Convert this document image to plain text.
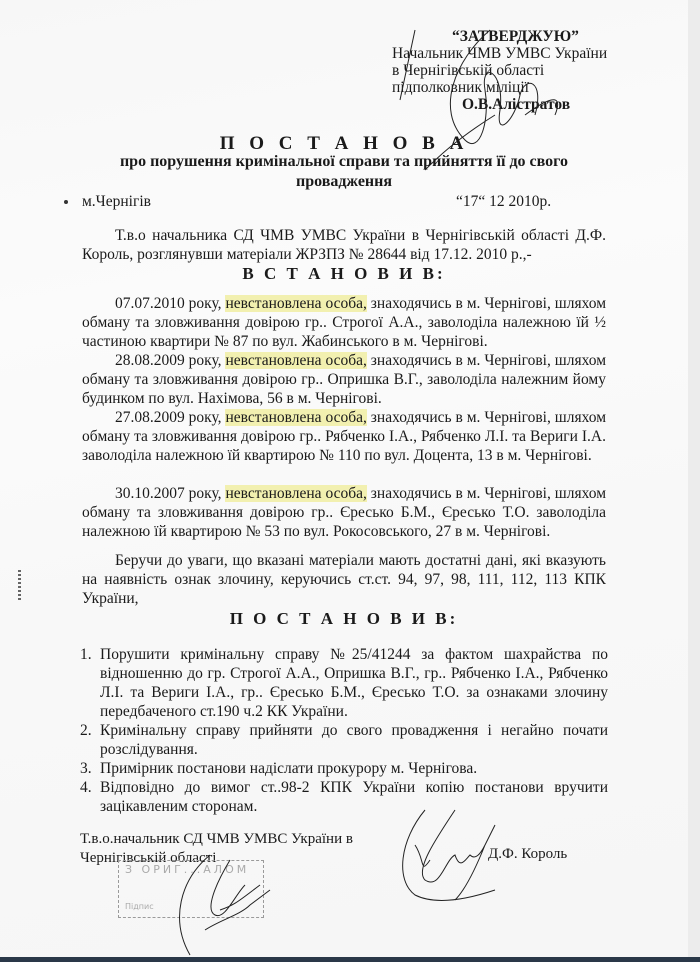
“ЗАТВЕРДЖУЮ”
Начальник ЧМВ УМВС України
в Чернігівській області
підполковник міліції
О.В.Алістратов
П О С Т А Н О В А
про порушення кримінальної справи та прийняття її до свого
провадження
м.Чернігів	“17“ 12 2010р.
Т.в.о начальника СД ЧМВ УМВС України в Чернігівській області Д.Ф. Король, розглянувши матеріали ЖРЗПЗ № 28644 від 17.12. 2010 р.,-
В С Т А Н О В И В:
07.07.2010 року, невстановлена особа, знаходячись в м. Чернігові, шляхом обману та зловживання довірою гр.. Строгої А.А., заволоділа належною їй ½ частиною квартири № 87 по вул. Жабинського в м. Чернігові.
28.08.2009 року, невстановлена особа, знаходячись в м. Чернігові, шляхом обману та зловживання довірою гр.. Опришка В.Г., заволоділа належним йому будинком по вул. Нахімова, 56 в м. Чернігові.
27.08.2009 року, невстановлена особа, знаходячись в м. Чернігові, шляхом обману та зловживання довірою гр.. Рябченко І.А., Рябченко Л.І. та Вериги І.А. заволоділа належною їй квартирою № 110 по вул. Доцента, 13 в м. Чернігові.
30.10.2007 року, невстановлена особа, знаходячись в м. Чернігові, шляхом обману та зловживання довірою гр.. Єресько Б.М., Єресько Т.О. заволоділа належною їй квартирою № 53 по вул. Рокосовського, 27 в м. Чернігові.
Беручи до уваги, що вказані матеріали мають достатні дані, які вказують на наявність ознак злочину, керуючись ст.ст. 94, 97, 98, 111, 112, 113 КПК України,
П О С Т А Н О В И В:
1. Порушити кримінальну справу №25/41244 за фактом шахрайства по відношенню до гр. Строгої А.А., Опришка В.Г., гр.. Рябченко І.А., Рябченко Л.І. та Вериги І.А., гр.. Єресько Б.М., Єресько Т.О. за ознаками злочину передбаченого ст.190 ч.2 КК України.
2. Кримінальну справу прийняти до свого провадження і негайно почати розслідування.
3. Примірник постанови надіслати прокурору м. Чернігова.
4. Відповідно до вимог ст..98-2 КПК України копію постанови вручити зацікавленим сторонам.
Т.в.о.начальник СД ЧМВ УМВС України в
Чернігівській області	Д.Ф. Король
З ОРИГ...АЛОМ
Підпис
